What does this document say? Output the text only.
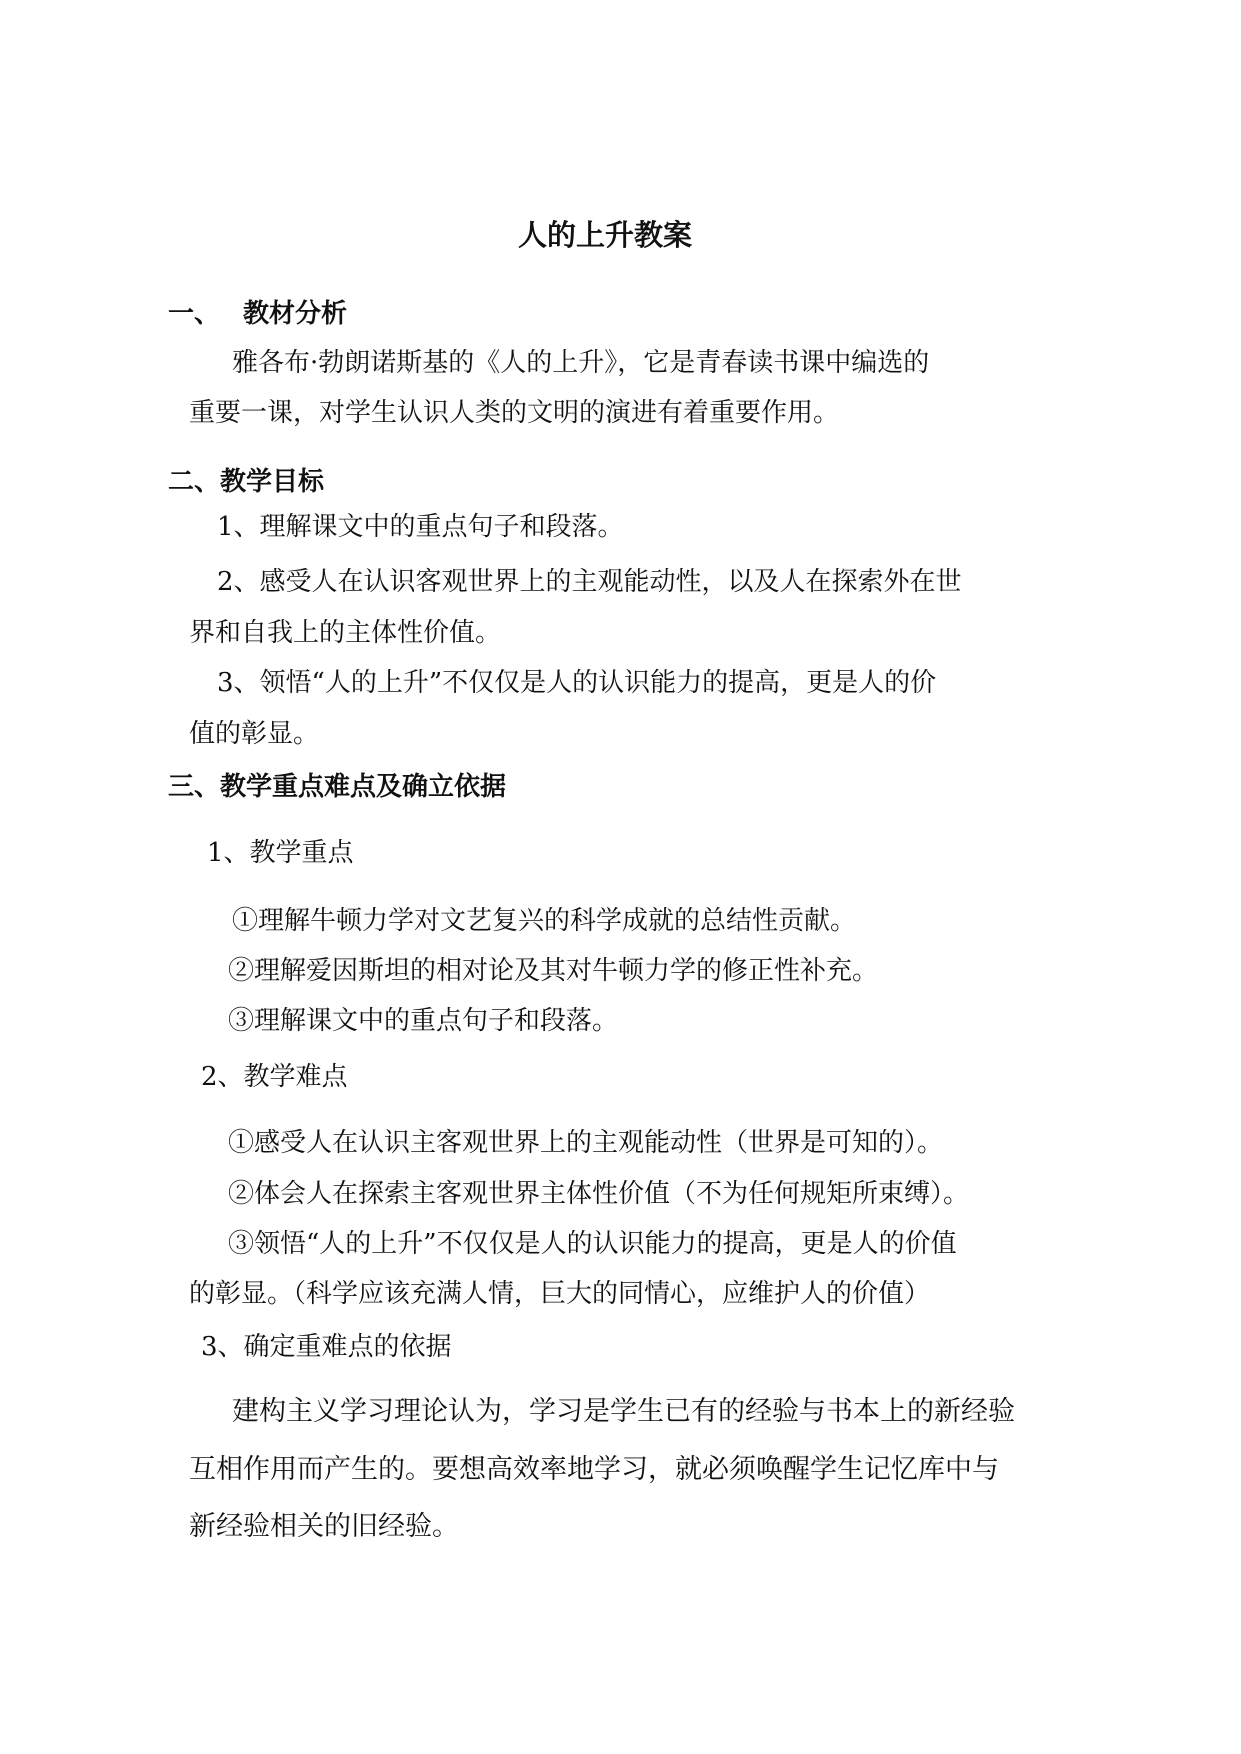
人的上升教案
一、 教材分析
雅各布·勃朗诺斯基的《人的上升》，它是青春读书课中编选的
重要一课，对学生认识人类的文明的演进有着重要作用。
二、教学目标
1、理解课文中的重点句子和段落。
2、感受人在认识客观世界上的主观能动性，以及人在探索外在世
界和自我上的主体性价值。
3、领悟“人的上升”不仅仅是人的认识能力的提高，更是人的价
值的彰显。
三、教学重点难点及确立依据
1、教学重点
①理解牛顿力学对文艺复兴的科学成就的总结性贡献。
②理解爱因斯坦的相对论及其对牛顿力学的修正性补充。
③理解课文中的重点句子和段落。
2、教学难点
①感受人在认识主客观世界上的主观能动性（世界是可知的）。
②体会人在探索主客观世界主体性价值（不为任何规矩所束缚）。
③领悟“人的上升”不仅仅是人的认识能力的提高，更是人的价值
的彰显。（科学应该充满人情，巨大的同情心，应维护人的价值）
3、确定重难点的依据
建构主义学习理论认为，学习是学生已有的经验与书本上的新经验
互相作用而产生的。要想高效率地学习，就必须唤醒学生记忆库中与
新经验相关的旧经验。
